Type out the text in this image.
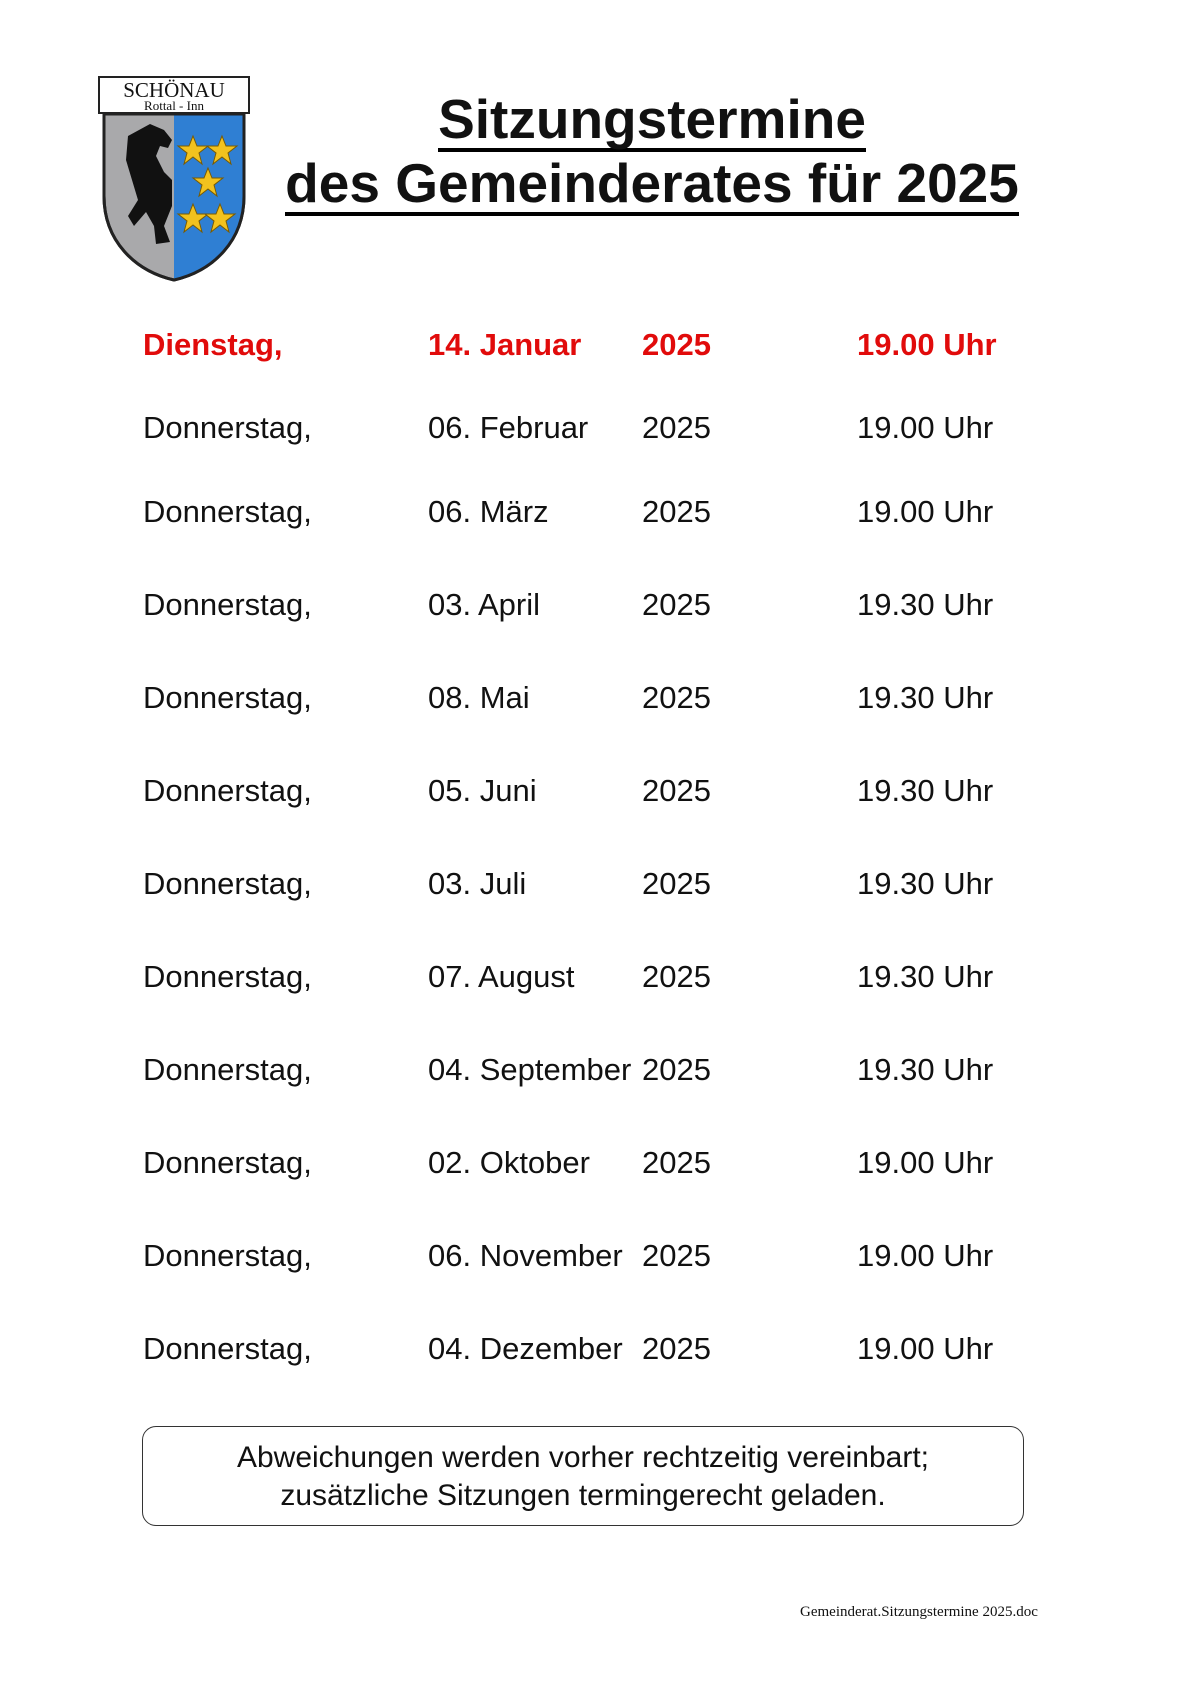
SCHÖNAU
Rottal - Inn	Sitzungstermine
des Gemeinderates für 2025
Dienstag,	14. Januar 2025	19.00 Uhr
Donnerstag,	06. Februar 2025	19.00 Uhr
Donnerstag,	06. März	2025	19.00 Uhr
Donnerstag,	03. April	2025	19.30 Uhr
Donnerstag,	08. Mai	2025	19.30 Uhr
Donnerstag,	05. Juni	2025	19.30 Uhr
Donnerstag,	03. Juli	2025	19.30 Uhr
Donnerstag,	07. August 2025	19.30 Uhr
Donnerstag,	04. September 2025	19.30 Uhr
Donnerstag,	02. Oktober 2025	19.00 Uhr
Donnerstag,	06. November 2025	19.00 Uhr
Donnerstag,	04. Dezember 2025	19.00 Uhr
Abweichungen werden vorher rechtzeitig vereinbart;
zusätzliche Sitzungen termingerecht geladen.
Gemeinderat.Sitzungstermine 2025.doc
